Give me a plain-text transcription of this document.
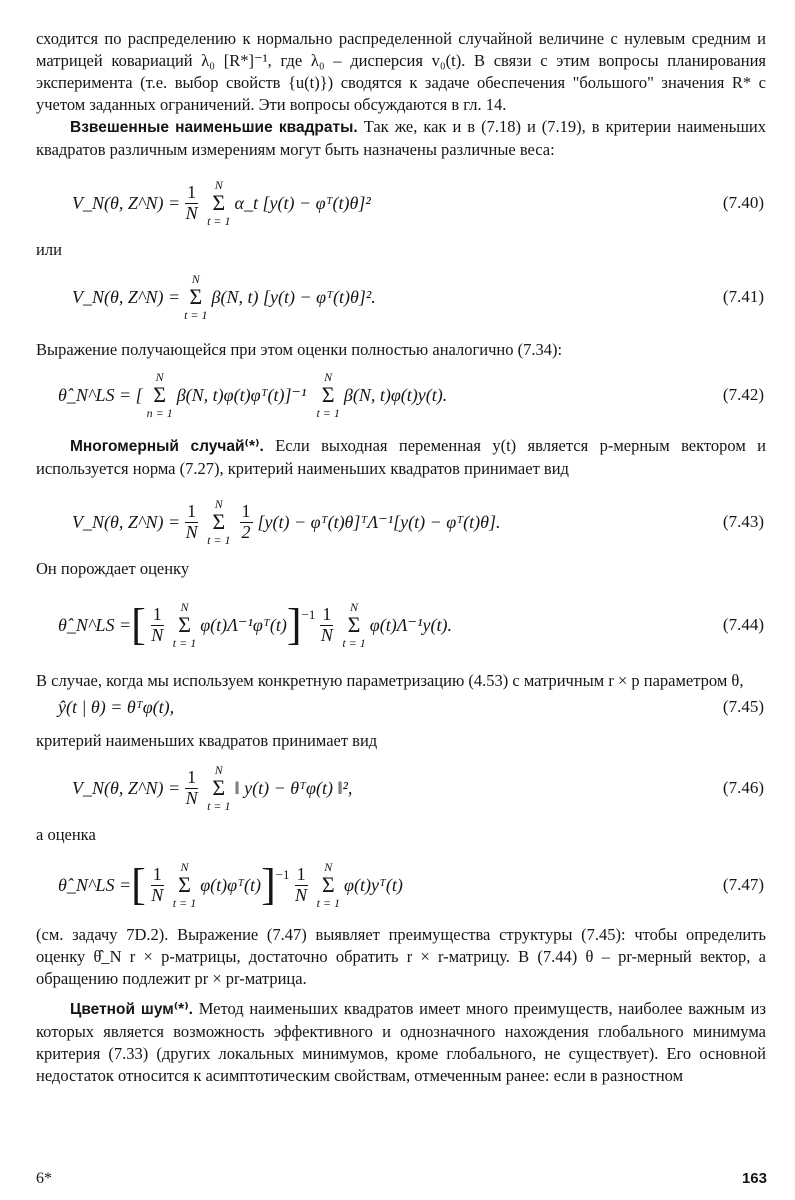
сходится по распределению к нормально распределенной случайной величине с нулевым средним и матрицей ковариаций λ₀ [R*]⁻¹, где λ₀ – дисперсия v₀(t). В связи с этим вопросы планирования эксперимента (т.е. выбор свойств {u(t)}) сводятся к задаче обеспечения "большого" значения R* с учетом заданных ограничений. Эти вопросы обсуждаются в гл. 14.

Взвешенные наименьшие квадраты. Так же, как и в (7.18) и (7.19), в критерии наименьших квадратов различным измерениям могут быть назначены различные веса:

V_N(θ, Z^N) = $\frac{1}{N}$ N
Σ
t = 1
α_t [y(t) − φᵀ(t)θ]²	(7.40)

или

V_N(θ, Z^N) =
N
Σ
t = 1
β(N, t) [y(t) − φᵀ(t)θ]².	(7.41)

Выражение получающейся при этом оценки полностью аналогично (7.34):

θ̂_N^LS = [
N
Σ
n = 1
β(N, t)φ(t)φᵀ(t)]⁻¹
N
Σ
t = 1
β(N, t)φ(t)y(t).	(7.42)

Многомерный случай⁽*⁾. Если выходная переменная y(t) является p-мерным вектором и используется норма (7.27), критерий наименьших квадратов принимает вид

V_N(θ, Z^N) = $\frac{1}{N}$ N
Σ
$t = 1 \frac{1}{2} [y(t)$ − φᵀ(t)θ]ᵀΛ⁻¹[y(t) − φᵀ(t)θ].	(7.43)

Он порождает оценку

θ̂_N^LS = [ $\frac{1}{N}$ N
Σ
t = 1
φ(t)Λ⁻¹φᵀ(t) ]$^{-1} \frac{1}{N}$ N
Σ
t = 1
φ(t)Λ⁻¹y(t).	(7.44)

В случае, когда мы используем конкретную параметризацию (4.53) с матричным r × p параметром θ,

ŷ(t | θ) = θᵀφ(t),	(7.45)

критерий наименьших квадратов принимает вид

V_N(θ, Z^N) = $\frac{1}{N}$ N
Σ
t = 1
‖ y(t) − θᵀφ(t) ‖²,	(7.46)

а оценка

θ̂_N^LS = [ $\frac{1}{N}$ N
Σ
t = 1
φ(t)φᵀ(t) ]$^{-1} \frac{1}{N}$ N
Σ
t = 1
φ(t)yᵀ(t)	(7.47)

(см. задачу 7D.2). Выражение (7.47) выявляет преимущества структуры (7.45): чтобы определить оценку θ̂_N r × p-матрицы, достаточно обратить r × r-матрицу. В (7.44) θ – pr-мерный вектор, а обращению подлежит pr × pr-матрица.

Цветной шум⁽*⁾. Метод наименьших квадратов имеет много преимуществ, наиболее важным из которых является возможность эффективного и однозначного нахождения глобального минимума критерия (7.33) (других локальных минимумов, кроме глобального, не существует). Его основной недостаток относится к асимптотическим свойствам, отмеченным ранее: если в разностном

6*	163
